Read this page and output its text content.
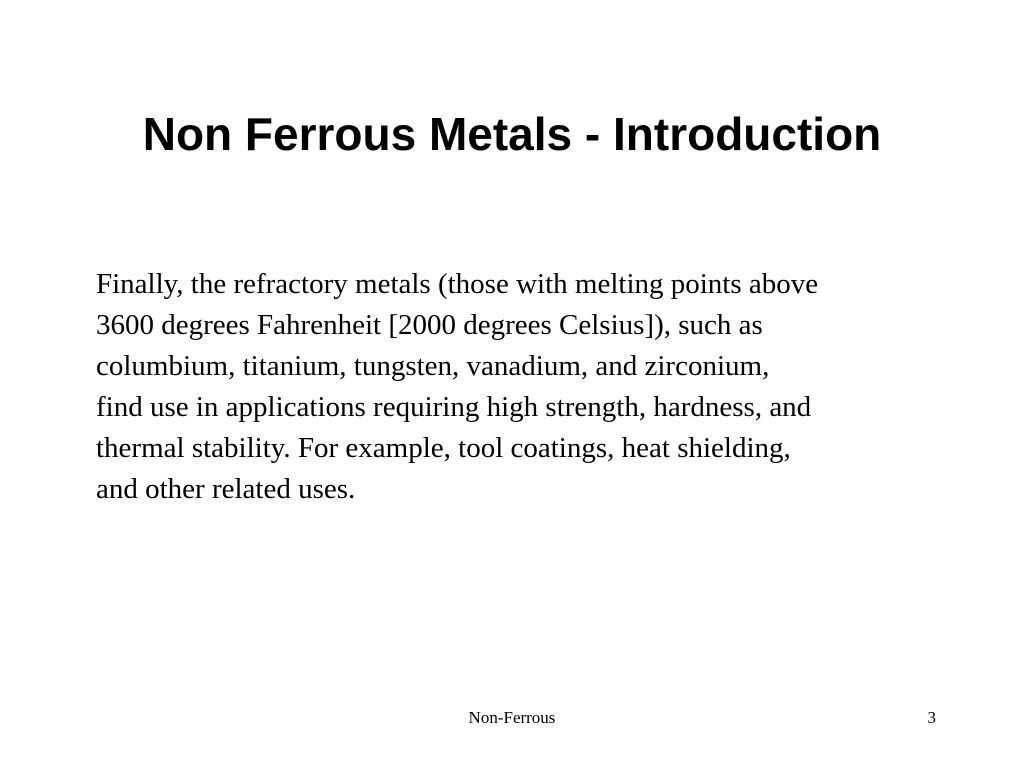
Non Ferrous Metals - Introduction
Finally, the refractory metals (those with melting points above
3600 degrees Fahrenheit [2000 degrees Celsius]), such as
columbium, titanium, tungsten, vanadium, and zirconium,
find use in applications requiring high strength, hardness, and
thermal stability. For example, tool coatings, heat shielding,
and other related uses.
Non-Ferrous	3
